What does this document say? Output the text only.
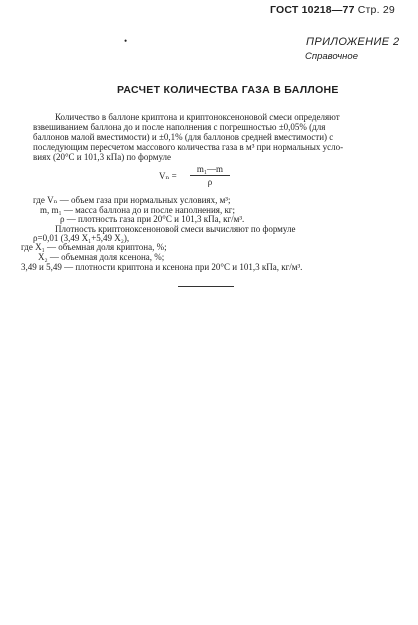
ГОСТ 10218—77 Стр. 29
•	ПРИЛОЖЕНИЕ 2
Справочное
РАСЧЕТ КОЛИЧЕСТВА ГАЗА В БАЛЛОНЕ
Количество в баллоне криптона и криптоноксеноновой смеси определяют
взвешиванием баллона до и после наполнения с погрешностью ±0,05% (для
баллонов малой вместимости) и ±0,1% (для баллонов средней вместимости) с
последующим пересчетом массового количества газа в м³ при нормальных усло-
виях (20°C и 101,3 кПа) по формуле
Vₙ =
m₁—m
ρ
где Vₙ — объем газа при нормальных условиях, м³;
m, m₁ — масса баллона до и после наполнения, кг;
ρ — плотность газа при 20°C и 101,3 кПа, кг/м³.
Плотность криптоноксеноновой смеси вычисляют по формуле
ρ=0,01 (3,49 X₁+5,49 X₂),
где X₁ — объемная доля криптона, %;
X₂ — объемная доля ксенона, %;
3,49 и 5,49 — плотности криптона и ксенона при 20°C и 101,3 кПа, кг/м³.
